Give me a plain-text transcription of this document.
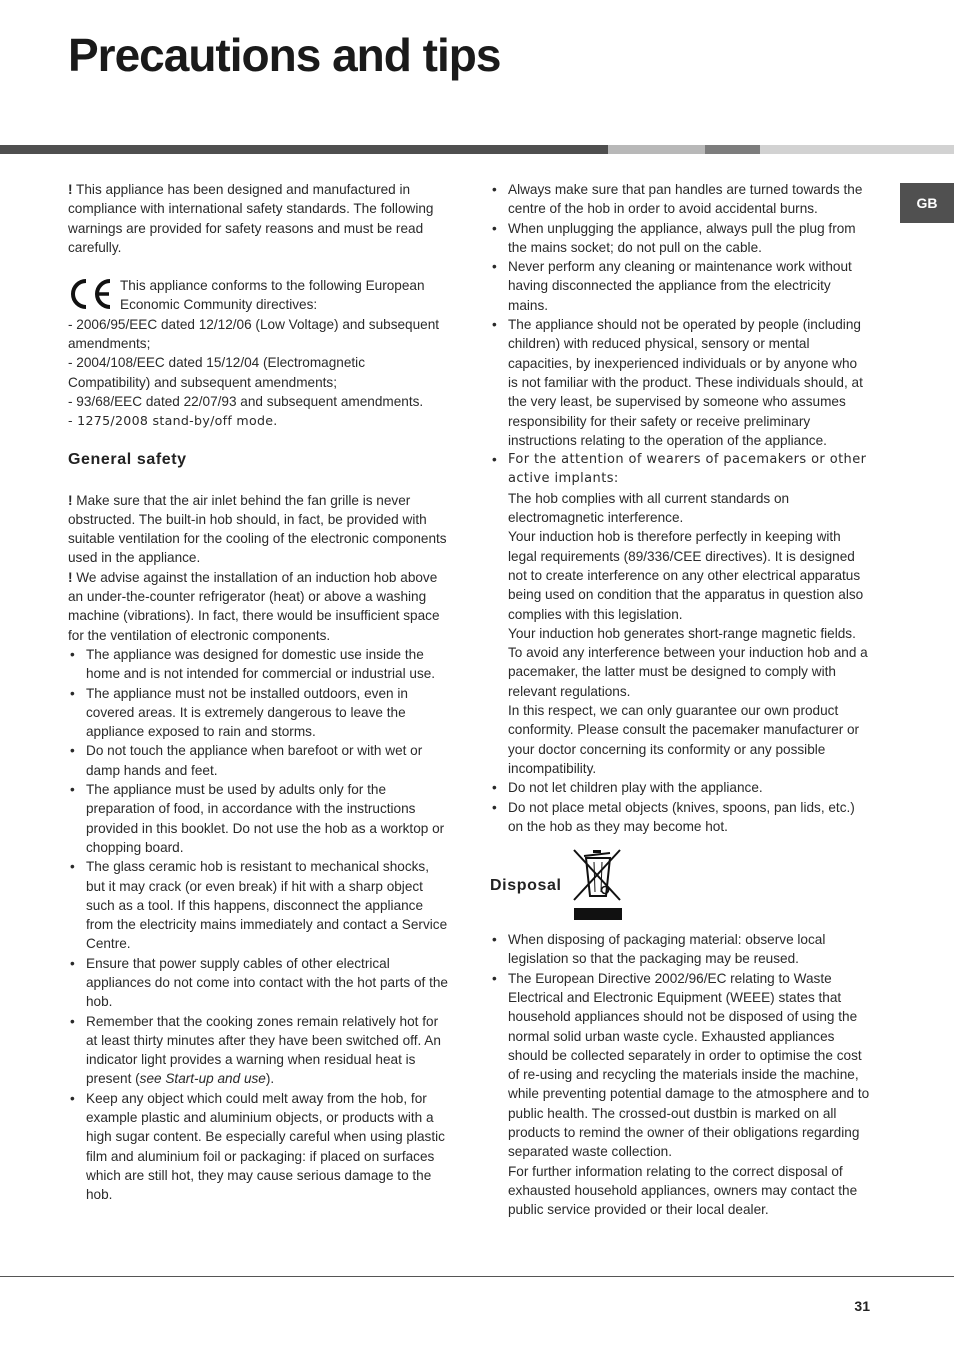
Precautions and tips
GB

! This appliance has been designed and manufactured in compliance with international safety standards. The following warnings are provided for safety reasons and must be read carefully.

This appliance conforms to the following European Economic Community directives:

- 2006/95/EEC dated 12/12/06 (Low Voltage) and subsequent amendments;

- 2004/108/EEC dated 15/12/04 (Electromagnetic Compatibility) and subsequent amendments;

- 93/68/EEC dated 22/07/93 and subsequent amendments.

- 1275/2008 stand-by/off mode.

General safety

! Make sure that the air inlet behind the fan grille is never obstructed. The built-in hob should, in fact, be provided with suitable ventilation for the cooling of the electronic components used in the appliance.

! We advise against the installation of an induction hob above an under-the-counter refrigerator (heat) or above a washing machine (vibrations). In fact, there would be insufficient space for the ventilation of electronic components.

• The appliance was designed for domestic use inside the home and is not intended for commercial or industrial use.
• The appliance must not be installed outdoors, even in covered areas. It is extremely dangerous to leave the appliance exposed to rain and storms.
• Do not touch the appliance when barefoot or with wet or damp hands and feet.
• The appliance must be used by adults only for the preparation of food, in accordance with the instructions provided in this booklet. Do not use the hob as a worktop or chopping board.
• The glass ceramic hob is resistant to mechanical shocks, but it may crack (or even break) if hit with a sharp object such as a tool. If this happens, disconnect the appliance from the electricity mains immediately and contact a Service Centre.
• Ensure that power supply cables of other electrical appliances do not come into contact with the hot parts of the hob.
• Remember that the cooking zones remain relatively hot for at least thirty minutes after they have been switched off. An indicator light provides a warning when residual heat is present (see Start-up and use).
• Keep any object which could melt away from the hob, for example plastic and aluminium objects, or products with a high sugar content. Be especially careful when using plastic film and aluminium foil or packaging: if placed on surfaces which are still hot, they may cause serious damage to the hob.
• Always make sure that pan handles are turned towards the centre of the hob in order to avoid accidental burns.
• When unplugging the appliance, always pull the plug from the mains socket; do not pull on the cable.
• Never perform any cleaning or maintenance work without having disconnected the appliance from the electricity mains.
• The appliance should not be operated by people (including children) with reduced physical, sensory or mental capacities, by inexperienced individuals or by anyone who is not familiar with the product. These individuals should, at the very least, be supervised by someone who assumes responsibility for their safety or receive preliminary instructions relating to the operation of the appliance.

• For the attention of wearers of pacemakers or other active implants:

The hob complies with all current standards on electromagnetic interference.

Your induction hob is therefore perfectly in keeping with legal requirements (89/336/CEE directives). It is designed not to create interference on any other electrical apparatus being used on condition that the apparatus in question also complies with this legislation.

Your induction hob generates short-range magnetic fields.

To avoid any interference between your induction hob and a pacemaker, the latter must be designed to comply with relevant regulations.

In this respect, we can only guarantee our own product conformity. Please consult the pacemaker manufacturer or your doctor concerning its conformity or any possible incompatibility.

• Do not let children play with the appliance.
• Do not place metal objects (knives, spoons, pan lids, etc.) on the hob as they may become hot.
Disposal
• When disposing of packaging material: observe local legislation so that the packaging may be reused.

• The European Directive 2002/96/EC relating to Waste Electrical and Electronic Equipment (WEEE) states that household appliances should not be disposed of using the normal solid urban waste cycle. Exhausted appliances should be collected separately in order to optimise the cost of re-using and recycling the materials inside the machine, while preventing potential damage to the atmosphere and to public health. The crossed-out dustbin is marked on all products to remind the owner of their obligations regarding separated waste collection.

For further information relating to the correct disposal of exhausted household appliances, owners may contact the public service provided or their local dealer.

31
